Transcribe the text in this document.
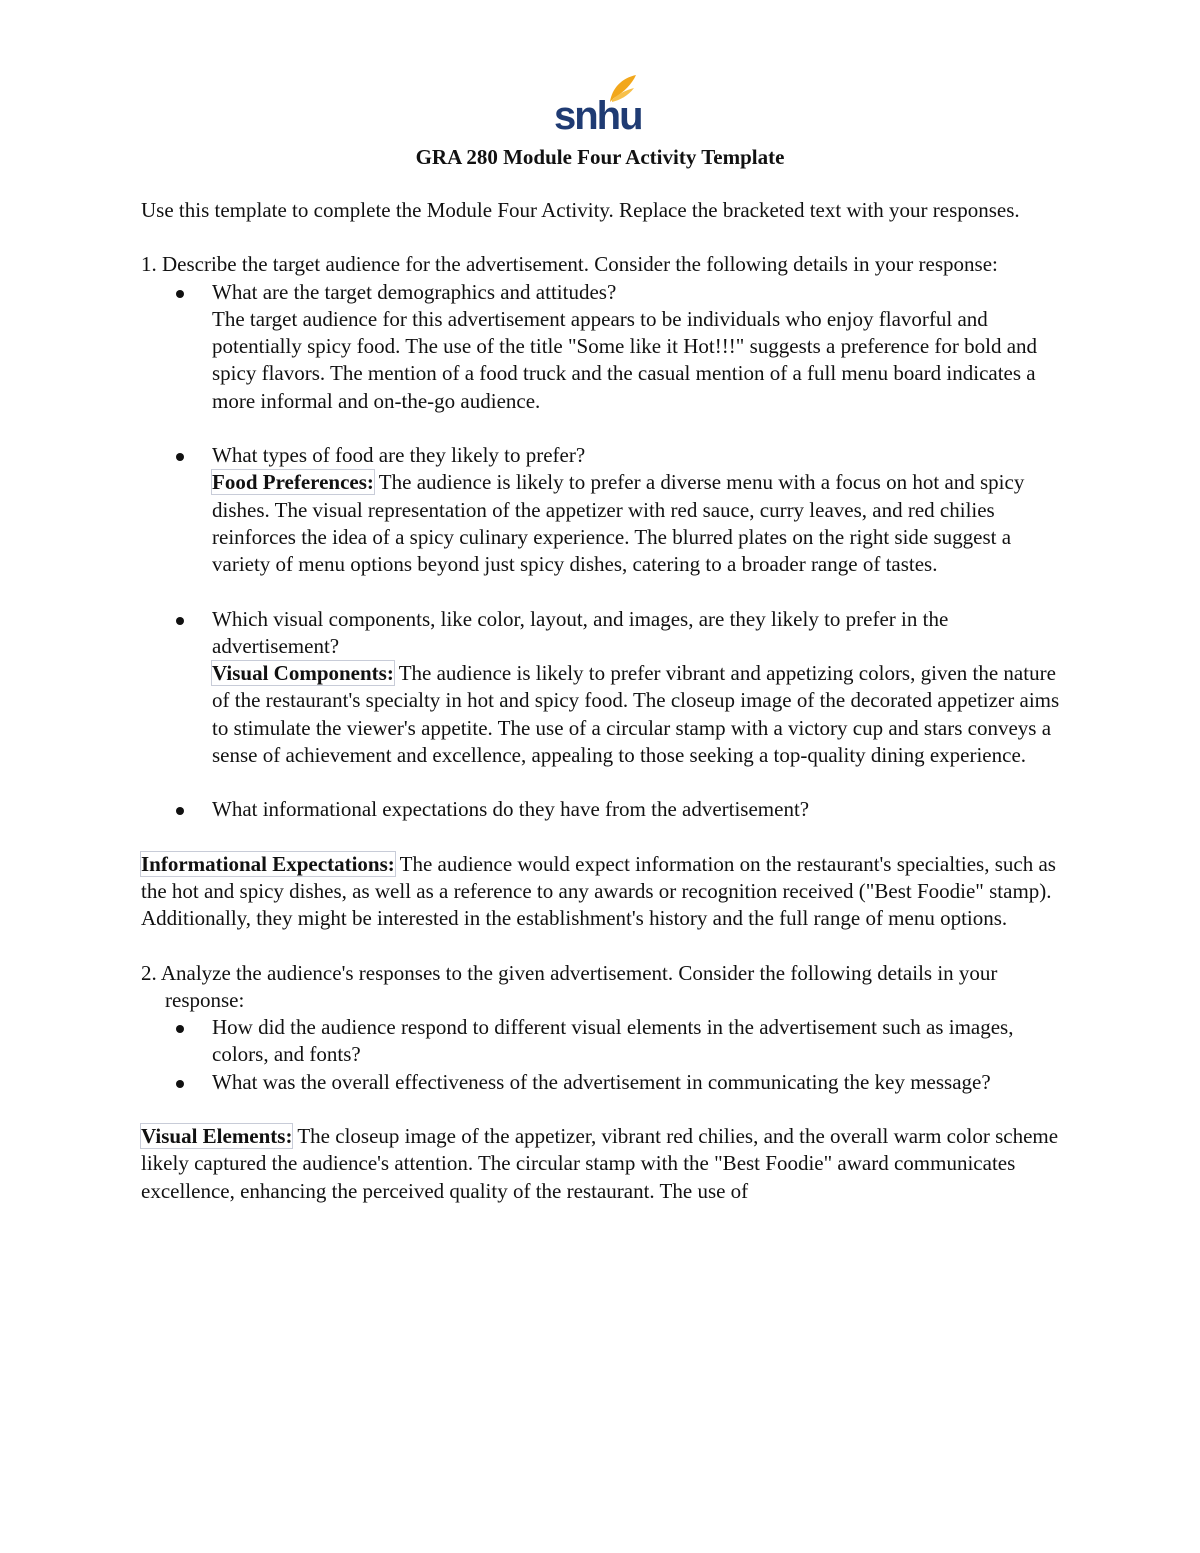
snhu
GRA 280 Module Four Activity Template

Use this template to complete the Module Four Activity. Replace the bracketed text with your responses.

1. Describe the target audience for the advertisement. Consider the following details in your response:

What are the target demographics and attitudes?

The target audience for this advertisement appears to be individuals who enjoy flavorful and potentially spicy food. The use of the title "Some like it Hot!!!" suggests a preference for bold and spicy flavors. The mention of a food truck and the casual mention of a full menu board indicates a more informal and on-the-go audience.

What types of food are they likely to prefer?

Food Preferences: The audience is likely to prefer a diverse menu with a focus on hot and spicy dishes. The visual representation of the appetizer with red sauce, curry leaves, and red chilies reinforces the idea of a spicy culinary experience. The blurred plates on the right side suggest a variety of menu options beyond just spicy dishes, catering to a broader range of tastes.

Which visual components, like color, layout, and images, are they likely to prefer in the advertisement?

Visual Components: The audience is likely to prefer vibrant and appetizing colors, given the nature of the restaurant's specialty in hot and spicy food. The closeup image of the decorated appetizer aims to stimulate the viewer's appetite. The use of a circular stamp with a victory cup and stars conveys a sense of achievement and excellence, appealing to those seeking a top-quality dining experience.

What informational expectations do they have from the advertisement?

Informational Expectations: The audience would expect information on the restaurant's specialties, such as the hot and spicy dishes, as well as a reference to any awards or recognition received ("Best Foodie" stamp). Additionally, they might be interested in the establishment's history and the full range of menu options.

2. Analyze the audience's responses to the given advertisement. Consider the following details in your response:

How did the audience respond to different visual elements in the advertisement such as images, colors, and fonts?

What was the overall effectiveness of the advertisement in communicating the key message?

Visual Elements: The closeup image of the appetizer, vibrant red chilies, and the overall warm color scheme likely captured the audience's attention. The circular stamp with the "Best Foodie" award communicates excellence, enhancing the perceived quality of the restaurant. The use of
